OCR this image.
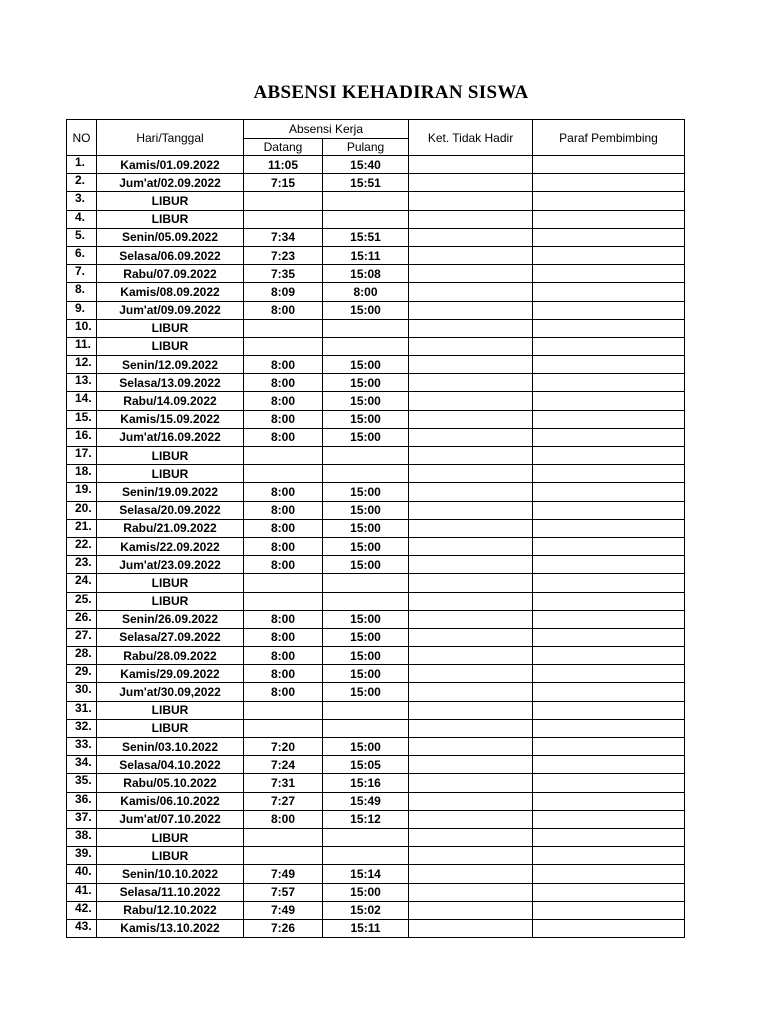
ABSENSI KEHADIRAN SISWA
NO	Hari/Tanggal	Absensi Kerja		Ket. Tidak Hadir	Paraf Pembimbing
		Datang	Pulang		
1.	Kamis/01.09.2022	11:05	15:40		
2.	Jum'at/02.09.2022	7:15	15:51		
3.	LIBUR				
4.	LIBUR				
5.	Senin/05.09.2022	7:34	15:51		
6.	Selasa/06.09.2022	7:23	15:11		
7.	Rabu/07.09.2022	7:35	15:08		
8.	Kamis/08.09.2022	8:09	8:00		
9.	Jum'at/09.09.2022	8:00	15:00		
10.	LIBUR				
11.	LIBUR				
12.	Senin/12.09.2022	8:00	15:00		
13.	Selasa/13.09.2022	8:00	15:00		
14.	Rabu/14.09.2022	8:00	15:00		
15.	Kamis/15.09.2022	8:00	15:00		
16.	Jum'at/16.09.2022	8:00	15:00		
17.	LIBUR				
18.	LIBUR				
19.	Senin/19.09.2022	8:00	15:00		
20.	Selasa/20.09.2022	8:00	15:00		
21.	Rabu/21.09.2022	8:00	15:00		
22.	Kamis/22.09.2022	8:00	15:00		
23.	Jum'at/23.09.2022	8:00	15:00		
24.	LIBUR				
25.	LIBUR				
26.	Senin/26.09.2022	8:00	15:00		
27.	Selasa/27.09.2022	8:00	15:00		
28.	Rabu/28.09.2022	8:00	15:00		
29.	Kamis/29.09.2022	8:00	15:00		
30.	Jum'at/30.09,2022	8:00	15:00		
31.	LIBUR				
32.	LIBUR				
33.	Senin/03.10.2022	7:20	15:00		
34.	Selasa/04.10.2022	7:24	15:05		
35.	Rabu/05.10.2022	7:31	15:16		
36.	Kamis/06.10.2022	7:27	15:49		
37.	Jum'at/07.10.2022	8:00	15:12		
38.	LIBUR				
39.	LIBUR				
40.	Senin/10.10.2022	7:49	15:14		
41.	Selasa/11.10.2022	7:57	15:00		
42.	Rabu/12.10.2022	7:49	15:02		
43.	Kamis/13.10.2022	7:26	15:11		
